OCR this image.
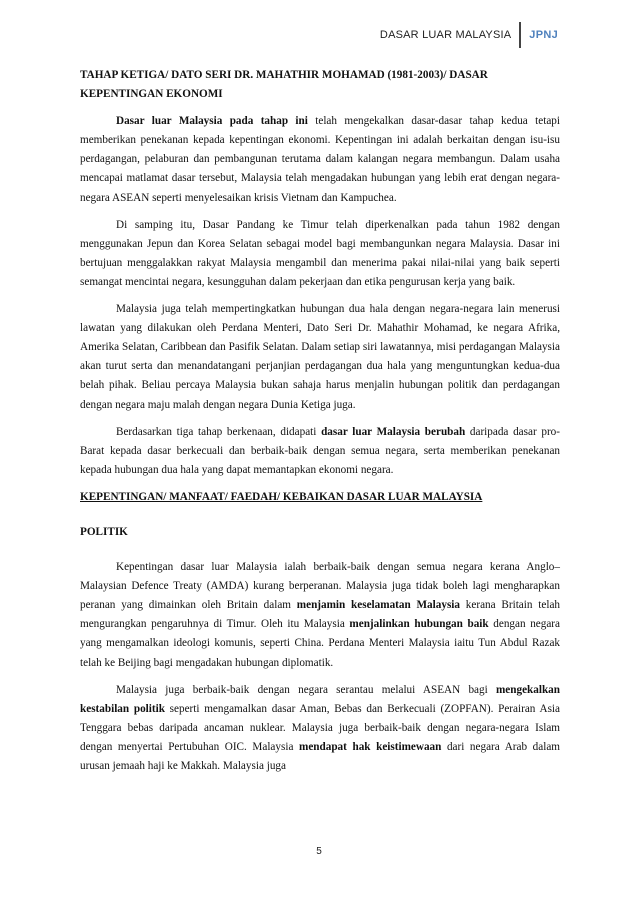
DASAR LUAR MALAYSIA	JPNJ
TAHAP KETIGA/ DATO SERI DR. MAHATHIR MOHAMAD (1981-2003)/ DASAR KEPENTINGAN EKONOMI

Dasar luar Malaysia pada tahap ini telah mengekalkan dasar-dasar tahap kedua tetapi memberikan penekanan kepada kepentingan ekonomi. Kepentingan ini adalah berkaitan dengan isu-isu perdagangan, pelaburan dan pembangunan terutama dalam kalangan negara membangun. Dalam usaha mencapai matlamat dasar tersebut, Malaysia telah mengadakan hubungan yang lebih erat dengan negara-negara ASEAN seperti menyelesaikan krisis Vietnam dan Kampuchea.

Di samping itu, Dasar Pandang ke Timur telah diperkenalkan pada tahun 1982 dengan menggunakan Jepun dan Korea Selatan sebagai model bagi membangunkan negara Malaysia. Dasar ini bertujuan menggalakkan rakyat Malaysia mengambil dan menerima pakai nilai-nilai yang baik seperti semangat mencintai negara, kesungguhan dalam pekerjaan dan etika pengurusan kerja yang baik.

Malaysia juga telah mempertingkatkan hubungan dua hala dengan negara-negara lain menerusi lawatan yang dilakukan oleh Perdana Menteri, Dato Seri Dr. Mahathir Mohamad, ke negara Afrika, Amerika Selatan, Caribbean dan Pasifik Selatan. Dalam setiap siri lawatannya, misi perdagangan Malaysia akan turut serta dan menandatangani perjanjian perdagangan dua hala yang menguntungkan kedua-dua belah pihak. Beliau percaya Malaysia bukan sahaja harus menjalin hubungan politik dan perdagangan dengan negara maju malah dengan negara Dunia Ketiga juga.

Berdasarkan tiga tahap berkenaan, didapati dasar luar Malaysia berubah daripada dasar pro-Barat kepada dasar berkecuali dan berbaik-baik dengan semua negara, serta memberikan penekanan kepada hubungan dua hala yang dapat memantapkan ekonomi negara.

KEPENTINGAN/ MANFAAT/ FAEDAH/ KEBAIKAN DASAR LUAR MALAYSIA
POLITIK

Kepentingan dasar luar Malaysia ialah berbaik-baik dengan semua negara kerana Anglo–Malaysian Defence Treaty (AMDA) kurang berperanan. Malaysia juga tidak boleh lagi mengharapkan peranan yang dimainkan oleh Britain dalam menjamin keselamatan Malaysia kerana Britain telah mengurangkan pengaruhnya di Timur. Oleh itu Malaysia menjalinkan hubungan baik dengan negara yang mengamalkan ideologi komunis, seperti China. Perdana Menteri Malaysia iaitu Tun Abdul Razak telah ke Beijing bagi mengadakan hubungan diplomatik.

Malaysia juga berbaik-baik dengan negara serantau melalui ASEAN bagi mengekalkan kestabilan politik seperti mengamalkan dasar Aman, Bebas dan Berkecuali (ZOPFAN). Perairan Asia Tenggara bebas daripada ancaman nuklear. Malaysia juga berbaik-baik dengan negara-negara Islam dengan menyertai Pertubuhan OIC. Malaysia mendapat hak keistimewaan dari negara Arab dalam urusan jemaah haji ke Makkah. Malaysia juga

5
